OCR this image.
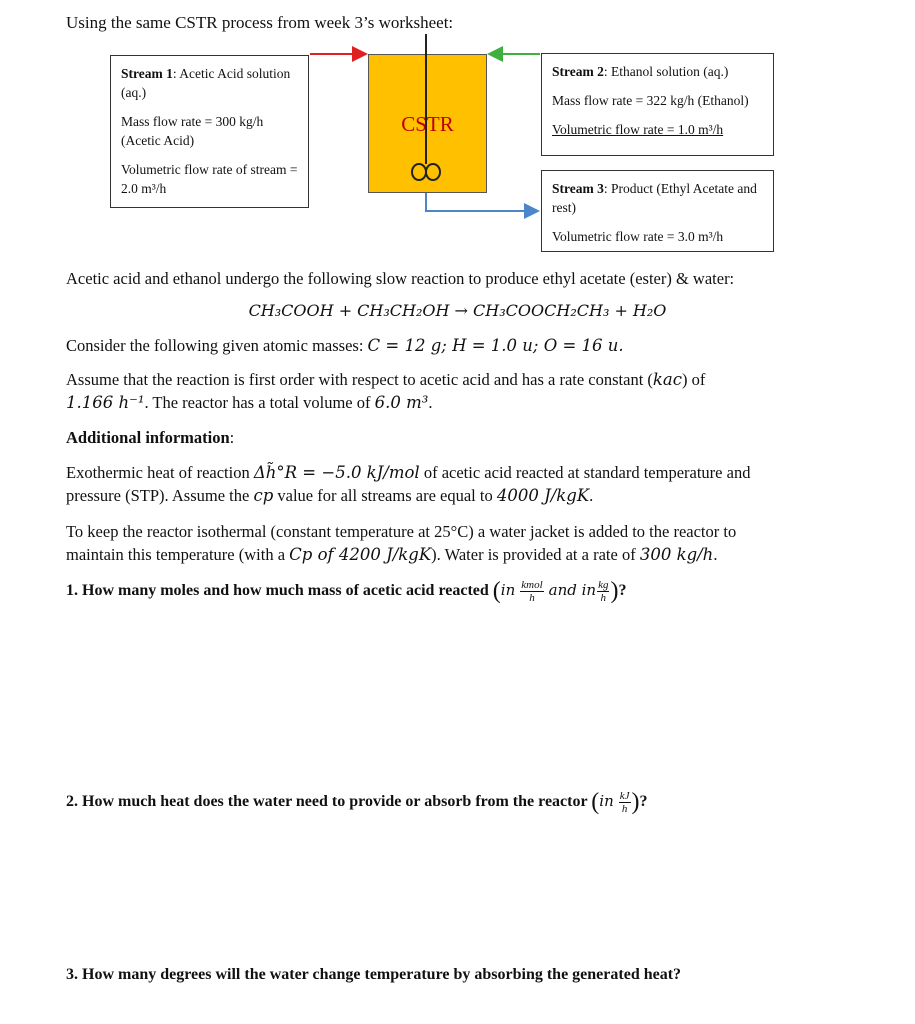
Using the same CSTR process from week 3’s worksheet:
CSTR

Stream 1: Acetic Acid solution (aq.)

Mass flow rate = 300 kg/h (Acetic Acid)

Volumetric flow rate of stream = 2.0 m³/h

Stream 2: Ethanol solution (aq.)

Mass flow rate = 322 kg/h (Ethanol)

Volumetric flow rate = 1.0 m³/h

Stream 3: Product (Ethyl Acetate and rest)

Volumetric flow rate = 3.0 m³/h

Acetic acid and ethanol undergo the following slow reaction to produce ethyl acetate (ester) & water:
CH₃COOH + CH₃CH₂OH → CH₃COOCH₂CH₃ + H₂O
Consider the following given atomic masses: C = 12 g; H = 1.0 u; O = 16 u.
Assume that the reaction is first order with respect to acetic acid and has a rate constant (kac) of
1.166 h⁻¹. The reactor has a total volume of 6.0 m³.
Additional information:
Exothermic heat of reaction Δh̃°R = −5.0 kJ/mol of acetic acid reacted at standard temperature and
pressure (STP). Assume the cp value for all streams are equal to 4000 J/kgK.
To keep the reactor isothermal (constant temperature at 25°C) a water jacket is added to the reactor to
maintain this temperature (with a Cp of 4200 J/kgK). Water is provided at a rate of 300 kg/h.
1. How many moles and how much mass of acetic acid reacted ($in \frac{\text{kmol}}{h}$ and in $\frac{kg}{h}$ )?
2. How much heat does the water need to provide or absorb from the reactor ($in \frac{kJ}{h}$ )?
3. How many degrees will the water change temperature by absorbing the generated heat?
